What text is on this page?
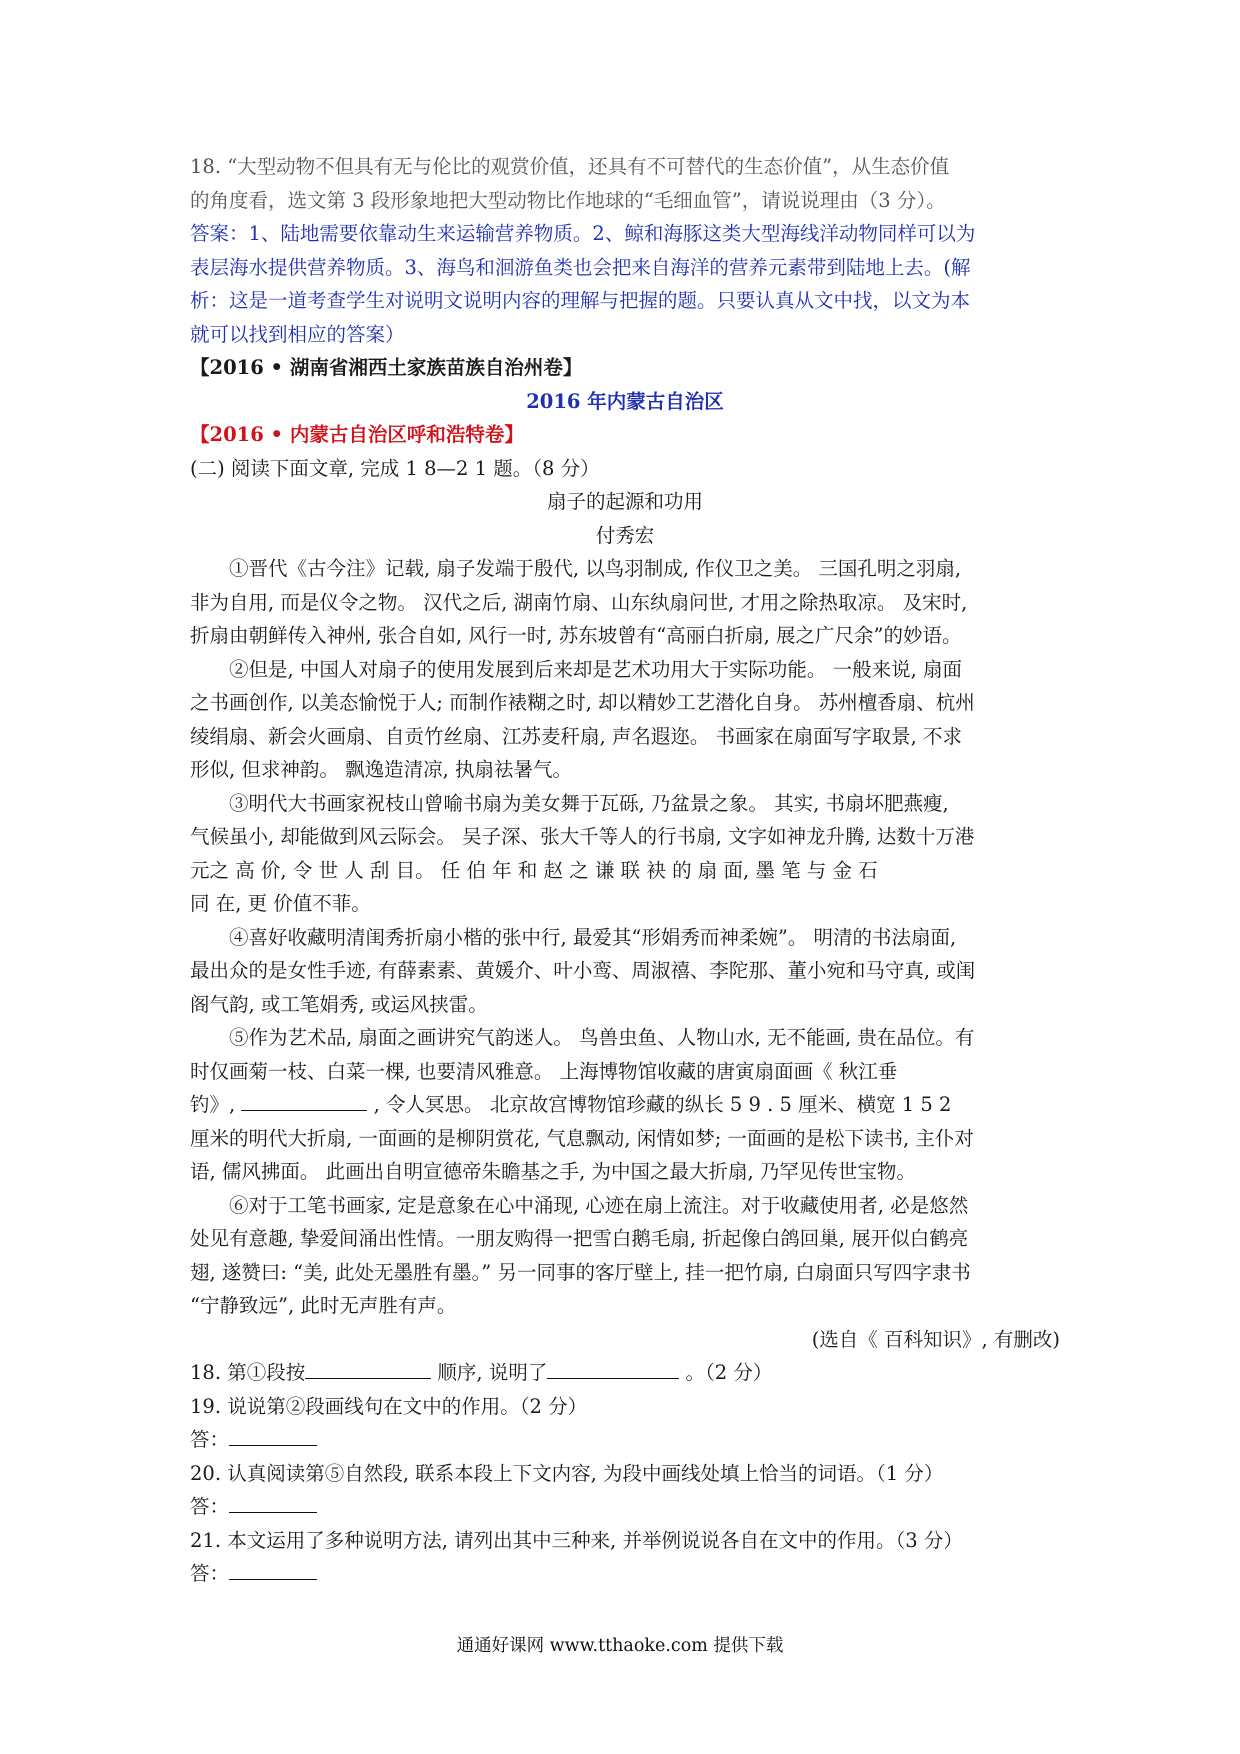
18. “大型动物不但具有无与伦比的观赏价值，还具有不可替代的生态价值”，从生态价值
的角度看，选文第 3 段形象地把大型动物比作地球的“毛细血管”，请说说理由（3 分）。
答案：1、陆地需要依靠动生来运输营养物质。2、鲸和海豚这类大型海线洋动物同样可以为
表层海水提供营养物质。3、海鸟和洄游鱼类也会把来自海洋的营养元素带到陆地上去。(解
析：这是一道考查学生对说明文说明内容的理解与把握的题。只要认真从文中找，以文为本
就可以找到相应的答案）
【2016 • 湖南省湘西土家族苗族自治州卷】
2016 年内蒙古自治区
【2016 • 内蒙古自治区呼和浩特卷】
(二) 阅读下面文章, 完成 1 8—2 1 题。（8 分）
扇子的起源和功用
付秀宏
①晋代《古今注》记载, 扇子发端于殷代, 以鸟羽制成, 作仪卫之美。 三国孔明之羽扇,
非为自用, 而是仪令之物。 汉代之后, 湖南竹扇、山东纨扇问世, 才用之除热取凉。 及宋时,
折扇由朝鲜传入神州, 张合自如, 风行一时, 苏东坡曾有“高丽白折扇, 展之广尺余”的妙语。
②但是, 中国人对扇子的使用发展到后来却是艺术功用大于实际功能。 一般来说, 扇面
之书画创作, 以美态愉悦于人; 而制作裱糊之时, 却以精妙工艺潜化自身。 苏州檀香扇、杭州
绫绢扇、新会火画扇、自贡竹丝扇、江苏麦秆扇, 声名遐迩。 书画家在扇面写字取景, 不求
形似, 但求神韵。 飘逸造清凉, 执扇祛暑气。
③明代大书画家祝枝山曾喻书扇为美女舞于瓦砾, 乃盆景之象。 其实, 书扇坏肥燕瘦,
气候虽小, 却能做到风云际会。 吴子深、张大千等人的行书扇, 文字如神龙升腾, 达数十万港
元之 高 价, 令 世 人 刮 目。 任 伯 年 和 赵 之 谦 联 袂 的 扇 面, 墨 笔 与 金 石
同 在, 更 价值不菲。
④喜好收藏明清闺秀折扇小楷的张中行, 最爱其“形娟秀而神柔婉”。 明清的书法扇面,
最出众的是女性手迹, 有薛素素、黄媛介、叶小鸾、周淑禧、李陀那、董小宛和马守真, 或闺
阁气韵, 或工笔娟秀, 或运风挟雷。
⑤作为艺术品, 扇面之画讲究气韵迷人。 鸟兽虫鱼、人物山水, 无不能画, 贵在品位。有
时仅画菊一枝、白菜一棵, 也要清风雅意。 上海博物馆收藏的唐寅扇面画《 秋江垂
钓》,	, 令人冥思。 北京故宫博物馆珍藏的纵长 5 9 . 5 厘米、横宽 1 5 2
厘米的明代大折扇, 一面画的是柳阴赏花, 气息飘动, 闲情如梦; 一面画的是松下读书, 主仆对
语, 儒风拂面。 此画出自明宣德帝朱瞻基之手, 为中国之最大折扇, 乃罕见传世宝物。
⑥对于工笔书画家, 定是意象在心中涌现, 心迹在扇上流注。对于收藏使用者, 必是悠然
处见有意趣, 挚爱间涌出性情。一朋友购得一把雪白鹅毛扇, 折起像白鸽回巢, 展开似白鹤亮
翅, 遂赞曰: “美, 此处无墨胜有墨。” 另一同事的客厅壁上, 挂一把竹扇, 白扇面只写四字隶书
“宁静致远”, 此时无声胜有声。
(选自《 百科知识》, 有删改)
18. 第①段按	顺序, 说明了	。（2 分）
19. 说说第②段画线句在文中的作用。（2 分）
答：
20. 认真阅读第⑤自然段, 联系本段上下文内容, 为段中画线处填上恰当的词语。（1 分）
答：
21. 本文运用了多种说明方法, 请列出其中三种来, 并举例说说各自在文中的作用。（3 分）
答：
通通好课网 www.tthaoke.com 提供下载
